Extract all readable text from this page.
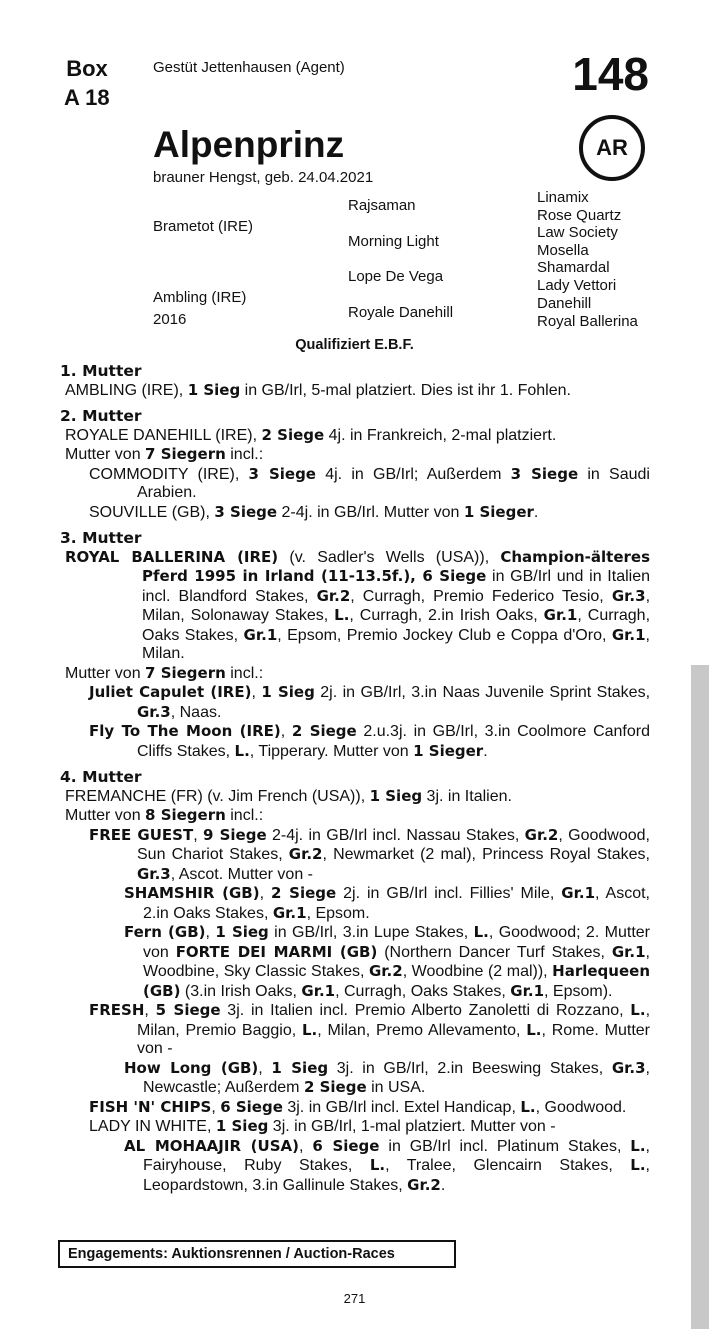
Box
A 18
Gestüt Jettenhausen (Agent)	148
AR
Alpenprinz
brauner Hengst, geb. 24.04.2021
Brametot (IRE)
Ambling (IRE)
2016
Rajsaman
Morning Light
Lope De Vega
Royale Danehill
Linamix
Rose Quartz
Law Society
Mosella
Shamardal
Lady Vettori
Danehill
Royal Ballerina
Qualifiziert E.B.F.

1. Mutter

AMBLING (IRE), 1 Sieg in GB/Irl, 5-mal platziert. Dies ist ihr 1. Fohlen.

2. Mutter

ROYALE DANEHILL (IRE), 2 Siege 4j. in Frankreich, 2-mal platziert.

Mutter von 7 Siegern incl.:

COMMODITY (IRE), 3 Siege 4j. in GB/Irl; Außerdem 3 Siege in Saudi Arabien.

SOUVILLE (GB), 3 Siege 2-4j. in GB/Irl. Mutter von 1 Sieger.

3. Mutter

ROYAL BALLERINA (IRE) (v. Sadler's Wells (USA)), Champion-älteres Pferd 1995 in Irland (11-13.5f.), 6 Siege in GB/Irl und in Italien incl. Blandford Stakes, Gr.2, Curragh, Premio Federico Tesio, Gr.3, Milan, Solonaway Stakes, L., Curragh, 2.in Irish Oaks, Gr.1, Curragh, Oaks Stakes, Gr.1, Epsom, Premio Jockey Club e Coppa d'Oro, Gr.1, Milan.

Mutter von 7 Siegern incl.:

Juliet Capulet (IRE), 1 Sieg 2j. in GB/Irl, 3.in Naas Juvenile Sprint Stakes, Gr.3, Naas.

Fly To The Moon (IRE), 2 Siege 2.u.3j. in GB/Irl, 3.in Coolmore Canford Cliffs Stakes, L., Tipperary. Mutter von 1 Sieger.

4. Mutter

FREMANCHE (FR) (v. Jim French (USA)), 1 Sieg 3j. in Italien.

Mutter von 8 Siegern incl.:

FREE GUEST, 9 Siege 2-4j. in GB/Irl incl. Nassau Stakes, Gr.2, Goodwood, Sun Chariot Stakes, Gr.2, Newmarket (2 mal), Princess Royal Stakes, Gr.3, Ascot. Mutter von -

SHAMSHIR (GB), 2 Siege 2j. in GB/Irl incl. Fillies' Mile, Gr.1, Ascot, 2.in Oaks Stakes, Gr.1, Epsom.

Fern (GB), 1 Sieg in GB/Irl, 3.in Lupe Stakes, L., Goodwood; 2. Mutter von FORTE DEI MARMI (GB) (Northern Dancer Turf Stakes, Gr.1, Woodbine, Sky Classic Stakes, Gr.2, Woodbine (2 mal)), Harlequeen (GB) (3.in Irish Oaks, Gr.1, Curragh, Oaks Stakes, Gr.1, Epsom).

FRESH, 5 Siege 3j. in Italien incl. Premio Alberto Zanoletti di Rozzano, L., Milan, Premio Baggio, L., Milan, Premo Allevamento, L., Rome. Mutter von -

How Long (GB), 1 Sieg 3j. in GB/Irl, 2.in Beeswing Stakes, Gr.3, Newcastle; Außerdem 2 Siege in USA.

FISH 'N' CHIPS, 6 Siege 3j. in GB/Irl incl. Extel Handicap, L., Goodwood.

LADY IN WHITE, 1 Sieg 3j. in GB/Irl, 1-mal platziert. Mutter von -

AL MOHAAJIR (USA), 6 Siege in GB/Irl incl. Platinum Stakes, L., Fairyhouse, Ruby Stakes, L., Tralee, Glencairn Stakes, L., Leopardstown, 3.in Gallinule Stakes, Gr.2.

Engagements: Auktionsrennen / Auction-Races
271
